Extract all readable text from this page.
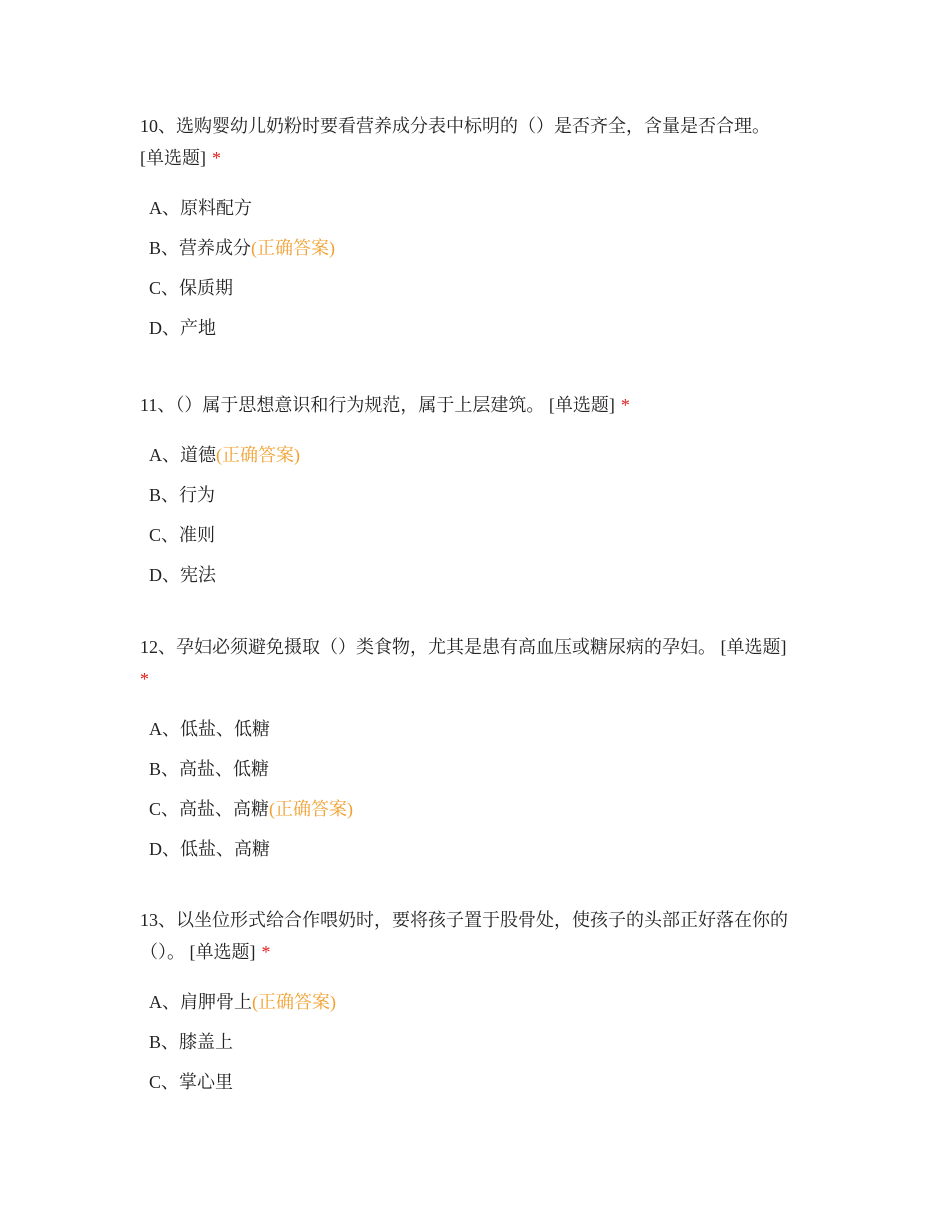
10、选购婴幼儿奶粉时要看营养成分表中标明的（）是否齐全，含量是否合理。
[单选题] *

A、原料配方
B、营养成分(正确答案)
C、保质期
D、产地

11、（）属于思想意识和行为规范，属于上层建筑。 [单选题] *

A、道德(正确答案)
B、行为
C、准则
D、宪法

12、孕妇必须避免摄取（）类食物，尤其是患有高血压或糖尿病的孕妇。 [单选题]
*

A、低盐、低糖
B、高盐、低糖
C、高盐、高糖(正确答案)
D、低盐、高糖

13、以坐位形式给合作喂奶时，要将孩子置于股骨处，使孩子的头部正好落在你的（）。 [单选题] *

A、肩胛骨上(正确答案)
B、膝盖上
C、掌心里
